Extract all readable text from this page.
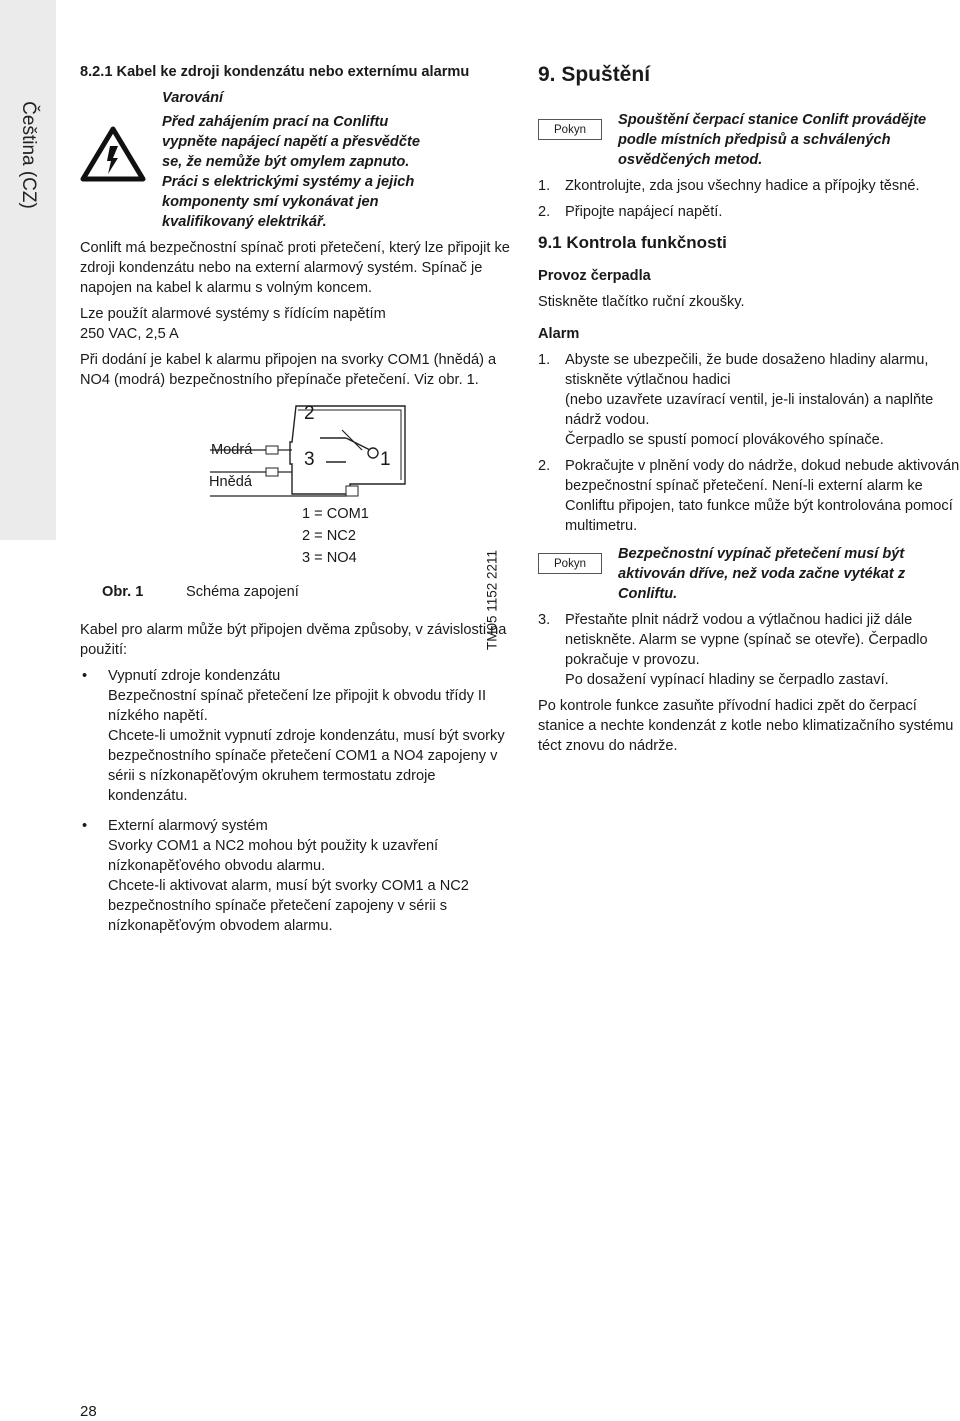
Čeština (CZ)
8.2.1 Kabel ke zdroji kondenzátu nebo externímu alarmu
Varování
Před zahájením prací na Conliftu
vypněte napájecí napětí a přesvědčte
se, že nemůže být omylem zapnuto.
Práci s elektrickými systémy a jejich
komponenty smí vykonávat jen
kvalifikovaný elektrikář.

Conlift má bezpečnostní spínač proti přetečení, který lze připojit ke zdroji kondenzátu nebo na externí alarmový systém. Spínač je napojen na kabel k alarmu s volným koncem.

Lze použít alarmové systémy s řídícím napětím
250 VAC, 2,5 A

Při dodání je kabel k alarmu připojen na svorky COM1 (hnědá) a NO4 (modrá) bezpečnostního přepínače přetečení. Viz obr. 1.

Modrá
Hnědá
2
3	1
1 = COM1
2 = NC2
3 = NO4
Obr. 1	Schéma zapojení

Kabel pro alarm může být připojen dvěma způsoby, v závislosti na použití:

• Vypnutí zdroje kondenzátu
Bezpečnostní spínač přetečení lze připojit k obvodu třídy II nízkého napětí.
Chcete-li umožnit vypnutí zdroje kondenzátu, musí být svorky bezpečnostního spínače přetečení COM1 a NO4 zapojeny v sérii s nízkonapěťovým okruhem termostatu zdroje kondenzátu.
• Externí alarmový systém
Svorky COM1 a NC2 mohou být použity k uzavření nízkonapěťového obvodu alarmu.
Chcete-li aktivovat alarm, musí být svorky COM1 a NC2 bezpečnostního spínače přetečení zapojeny v sérii s nízkonapěťovým obvodem alarmu.
TM05 1152 2211
9. Spuštění
Pokyn
Spouštění čerpací stanice Conlift provádějte podle místních předpisů a schválených osvědčených metod.
1. Zkontrolujte, zda jsou všechny hadice a přípojky těsné.
2. Připojte napájecí napětí.
9.1 Kontrola funkčnosti
Provoz čerpadla

Stiskněte tlačítko ruční zkoušky.

Alarm
1. Abyste se ubezpečili, že bude dosaženo hladiny alarmu, stiskněte výtlačnou hadici
(nebo uzavřete uzavírací ventil, je-li instalován) a naplňte nádrž vodou.
Čerpadlo se spustí pomocí plovákového spínače.
2. Pokračujte v plnění vody do nádrže, dokud nebude aktivován bezpečnostní spínač přetečení. Není-li externí alarm ke Conliftu připojen, tato funkce může být kontrolována pomocí multimetru.
Pokyn
Bezpečnostní vypínač přetečení musí být aktivován dříve, než voda začne vytékat z Conliftu.
3. Přestaňte plnit nádrž vodou a výtlačnou hadici již dále netiskněte. Alarm se vypne (spínač se otevře). Čerpadlo pokračuje v provozu.
Po dosažení vypínací hladiny se čerpadlo zastaví.

Po kontrole funkce zasuňte přívodní hadici zpět do čerpací stanice a nechte kondenzát z kotle nebo klimatizačního systému téct znovu do nádrže.

28
